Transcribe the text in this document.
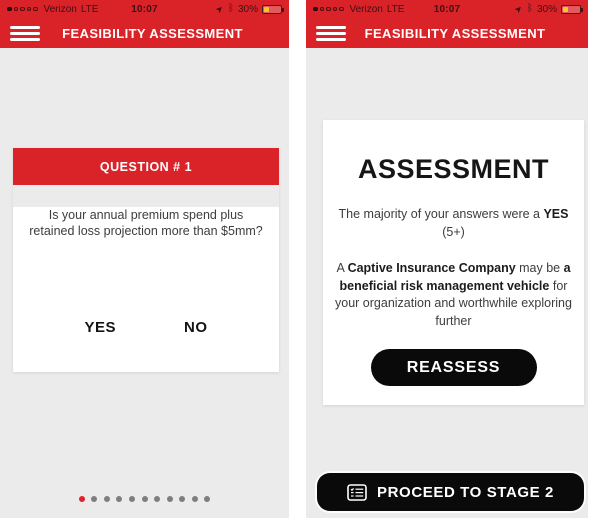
Verizon LTE	10:07	➤ ᛒ 30%
FEASIBILITY ASSESSMENT
QUESTION # 1

Is your annual premium spend plus retained loss projection more than $5mm?

YES	NO
Verizon LTE	10:07	➤ ᛒ 30%
FEASIBILITY ASSESSMENT
ASSESSMENT

The majority of your answers were a YES
(5+)

A Captive Insurance Company may be a beneficial risk management vehicle for your organization and worthwhile exploring further

REASSESS
PROCEED TO STAGE 2
